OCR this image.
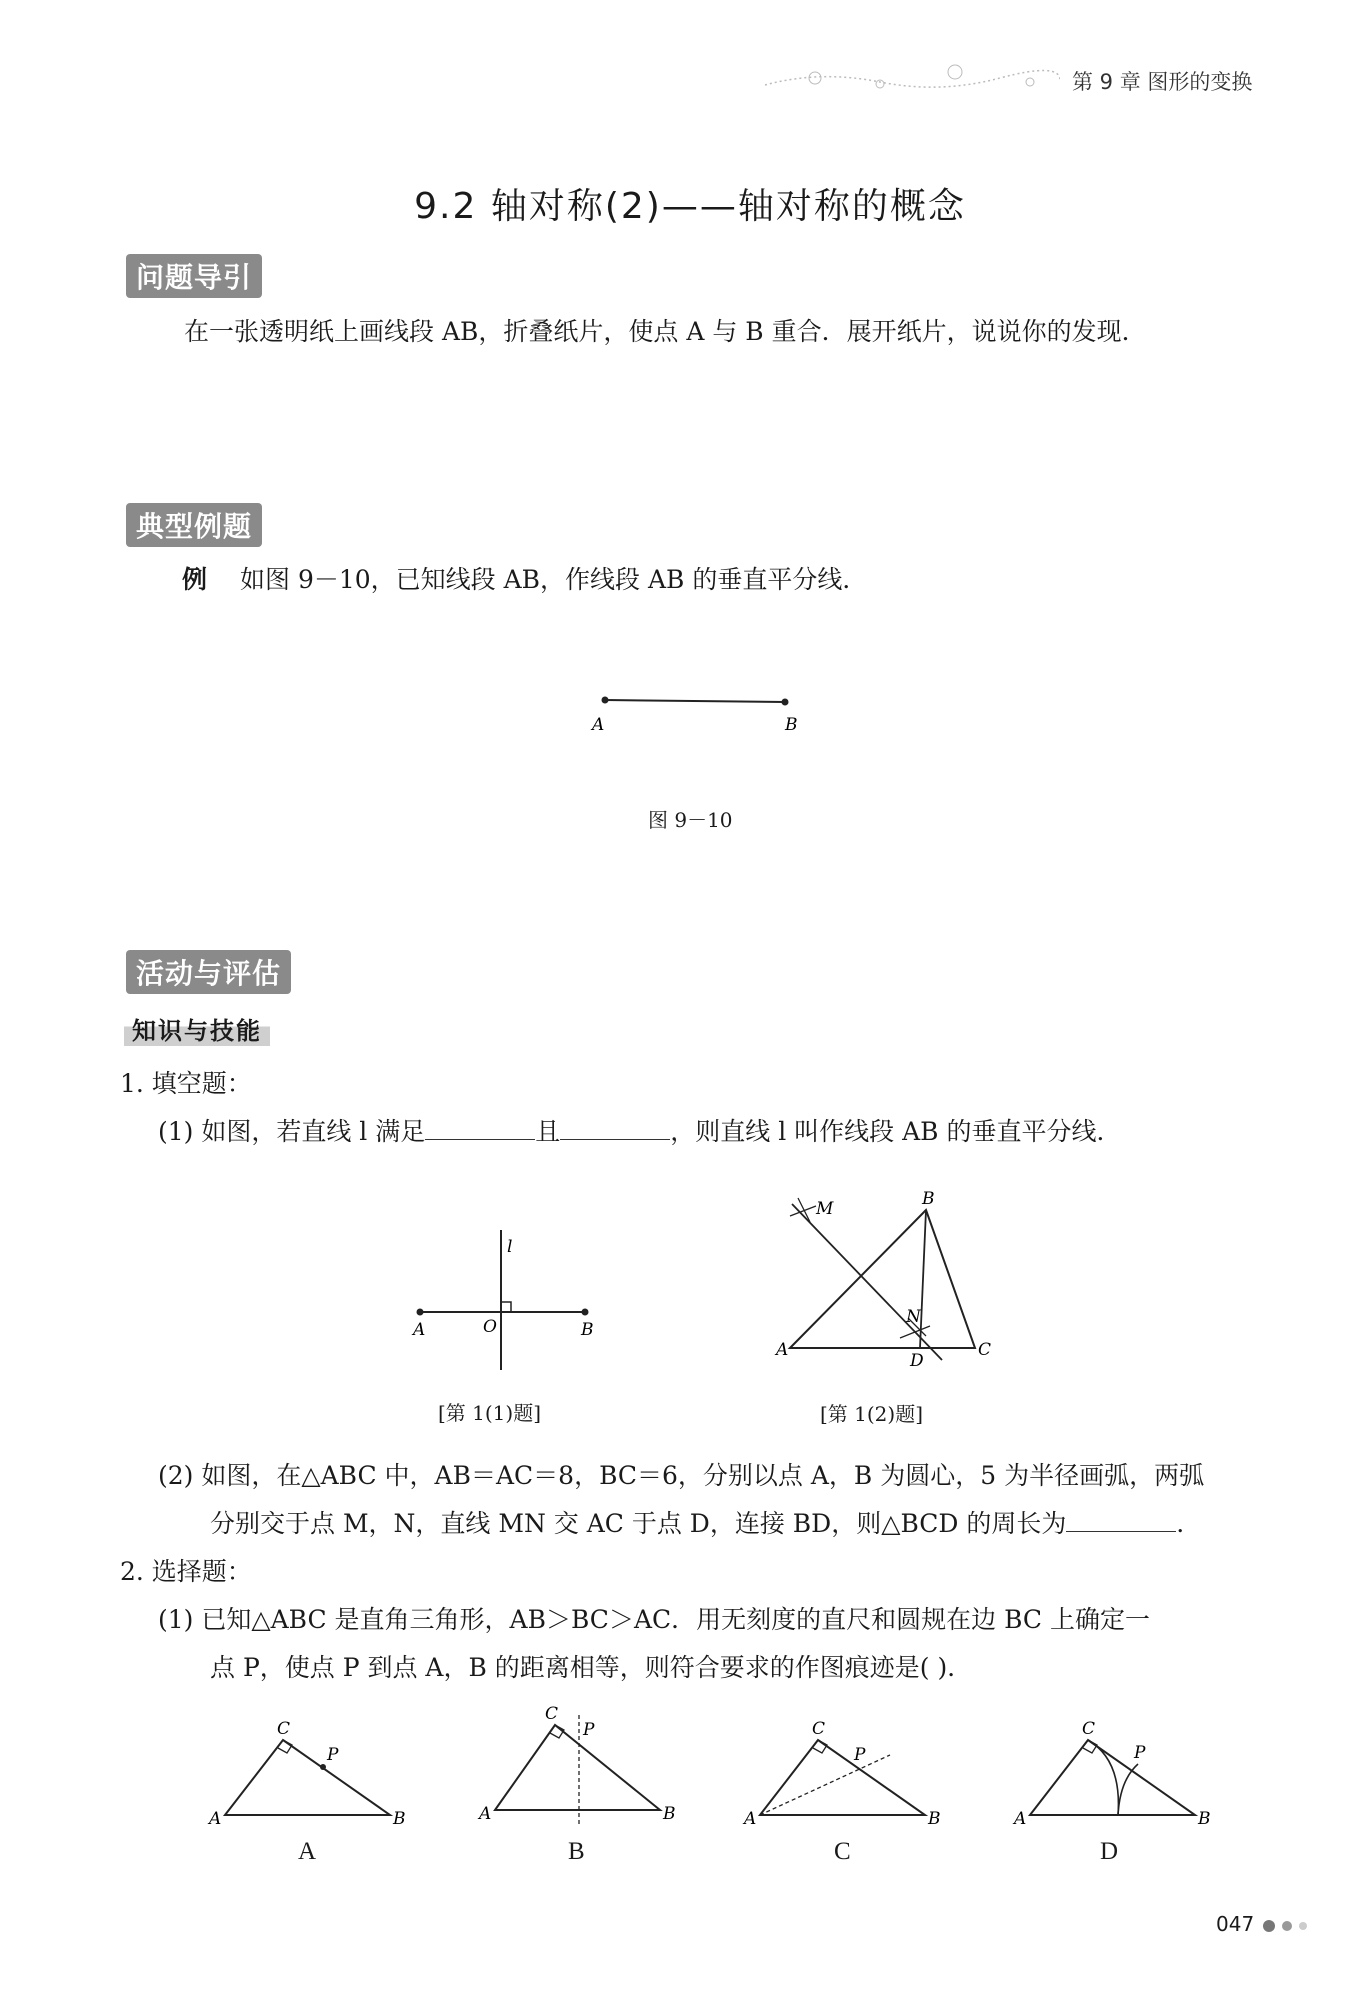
第 9 章 图形的变换
9.2 轴对称(2)——轴对称的概念
问题导引
在一张透明纸上画线段 AB，折叠纸片，使点 A 与 B 重合．展开纸片，说说你的发现．
典型例题
例 如图 9－10，已知线段 AB，作线段 AB 的垂直平分线．
A	B
图 9－10
活动与评估
知识与技能
1. 填空题：
(1) 如图，若直线 l 满足	且	，则直线 l 叫作线段 AB 的垂直平分线．
l
A	O	B
[第 1(1)题]
B
M
N
A
D
C
[第 1(2)题]
(2) 如图，在△ABC 中，AB＝AC＝8，BC＝6，分别以点 A，B 为圆心，5 为半径画弧，两弧
分别交于点 M，N，直线 MN 交 AC 于点 D，连接 BD，则△BCD 的周长为	．
2. 选择题：
(1) 已知△ABC 是直角三角形，AB＞BC＞AC．用无刻度的直尺和圆规在边 BC 上确定一
点 P，使点 P 到点 A，B 的距离相等，则符合要求的作图痕迹是( )．
C
P
A	B
A
C
P
A	B
B
C
P
A	B
C
C
P
A	B
D
047
